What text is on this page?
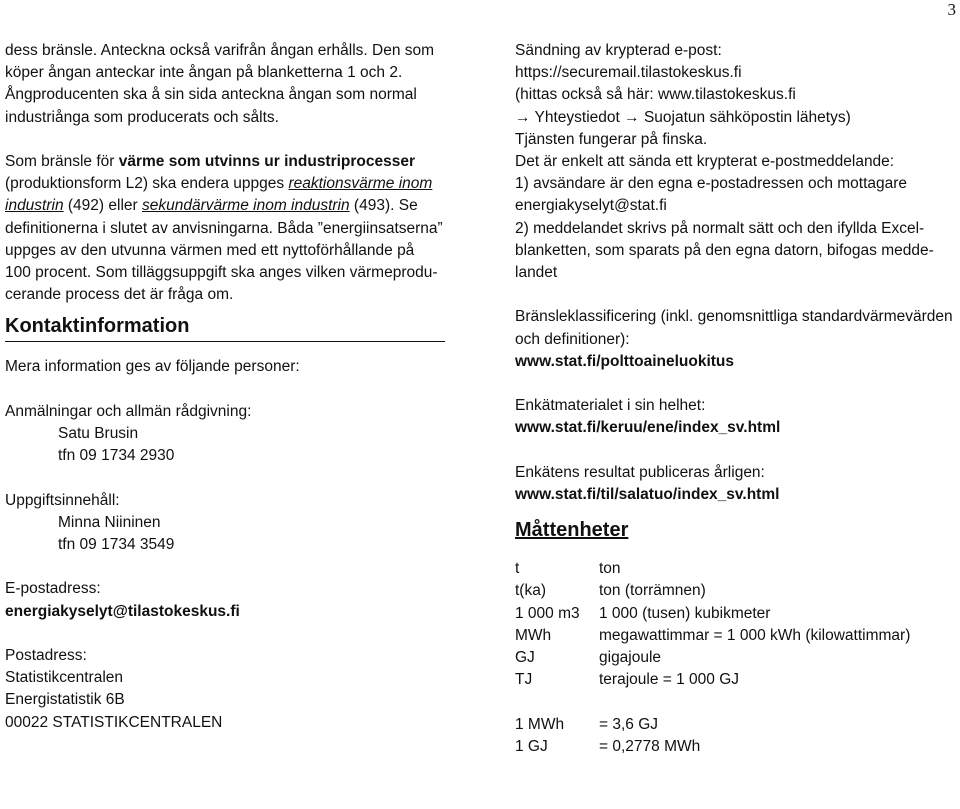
3
dess bränsle. Anteckna också varifrån ångan erhålls. Den som
köper ångan anteckar inte ångan på blanketterna 1 och 2.
Ångproducenten ska å sin sida anteckna ångan som normal
industriånga som producerats och sålts.
Som bränsle för värme som utvinns ur industriprocesser
(produktionsform L2) ska endera uppges reaktionsvärme inom
industrin (492) eller sekundärvärme inom industrin (493). Se
definitionerna i slutet av anvisningarna. Båda ”energiinsatserna”
uppges av den utvunna värmen med ett nyttoförhållande på
100 procent. Som tilläggsuppgift ska anges vilken värmeprodu-
cerande process det är fråga om.
Kontaktinformation
Mera information ges av följande personer:
Anmälningar och allmän rådgivning:
Satu Brusin
tfn 09 1734 2930
Uppgiftsinnehåll:
Minna Niininen
tfn 09 1734 3549
E-postadress:
energiakyselyt@tilastokeskus.fi
Postadress:
Statistikcentralen
Energistatistik 6B
00022 STATISTIKCENTRALEN
Sändning av krypterad e-post:
https://securemail.tilastokeskus.fi
(hittas också så här: www.tilastokeskus.fi
→ Yhteystiedot → Suojatun sähköpostin lähetys)
Tjänsten fungerar på finska.
Det är enkelt att sända ett krypterat e-postmeddelande:
1) avsändare är den egna e-postadressen och mottagare
energiakyselyt@stat.fi
2) meddelandet skrivs på normalt sätt och den ifyllda Excel-
blanketten, som sparats på den egna datorn, bifogas medde-
landet
Bränsleklassificering (inkl. genomsnittliga standardvärmevärden
och definitioner):
www.stat.fi/polttoaineluokitus
Enkätmaterialet i sin helhet:
www.stat.fi/keruu/ene/index_sv.html
Enkätens resultat publiceras årligen:
www.stat.fi/til/salatuo/index_sv.html
Måttenheter
t	ton
t(ka)	ton (torrämnen)
1 000 m3	1 000 (tusen) kubikmeter
MWh	megawattimmar = 1 000 kWh (kilowattimmar)
GJ	gigajoule
TJ	terajoule = 1 000 GJ
1 MWh	= 3,6 GJ
1 GJ	= 0,2778 MWh
